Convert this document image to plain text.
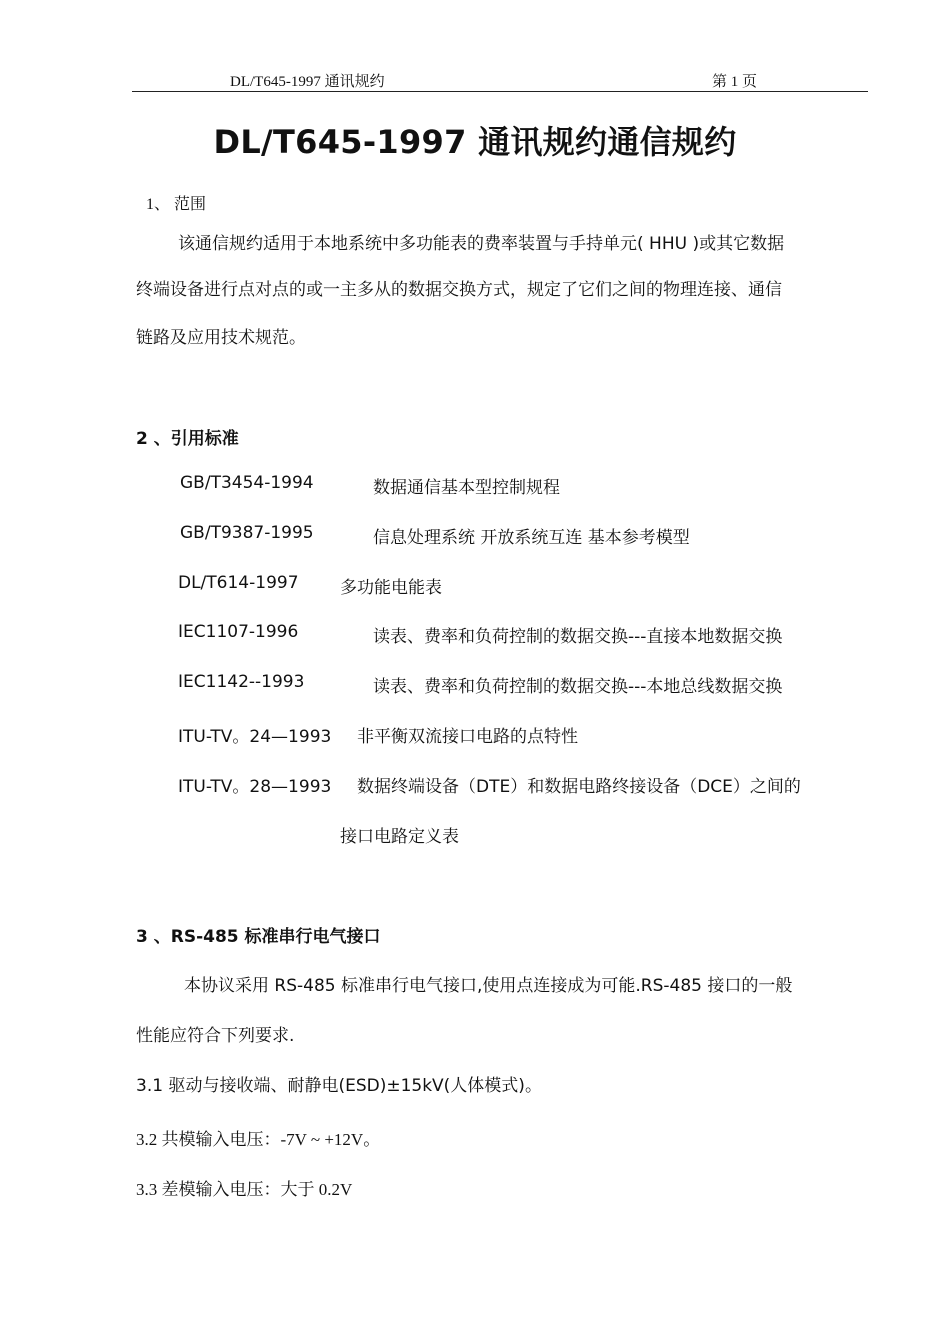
DL/T645-1997 通讯规约	第 1 页
DL/T645-1997 通讯规约通信规约
1、 范围
该通信规约适用于本地系统中多功能表的费率装置与手持单元( HHU )或其它数据
终端设备进行点对点的或一主多从的数据交换方式，规定了它们之间的物理连接、通信
链路及应用技术规范。
2 、引用标准
GB/T3454-1994	数据通信基本型控制规程
GB/T9387-1995	信息处理系统 开放系统互连 基本参考模型
DL/T614-1997 多功能电能表
IEC1107-1996	读表、费率和负荷控制的数据交换---直接本地数据交换
IEC1142--1993	读表、费率和负荷控制的数据交换---本地总线数据交换
ITU-TV。24—1993 非平衡双流接口电路的点特性
ITU-TV。28—1993 数据终端设备（DTE）和数据电路终接设备（DCE）之间的
接口电路定义表
3 、RS-485 标准串行电气接口
本协议采用 RS-485 标准串行电气接口,使用点连接成为可能.RS-485 接口的一般
性能应符合下列要求.
3.1 驱动与接收端、耐静电(ESD)±15kV(人体模式)。
3.2 共模输入电压：-7V ~ +12V。
3.3 差模输入电压：大于 0.2V
